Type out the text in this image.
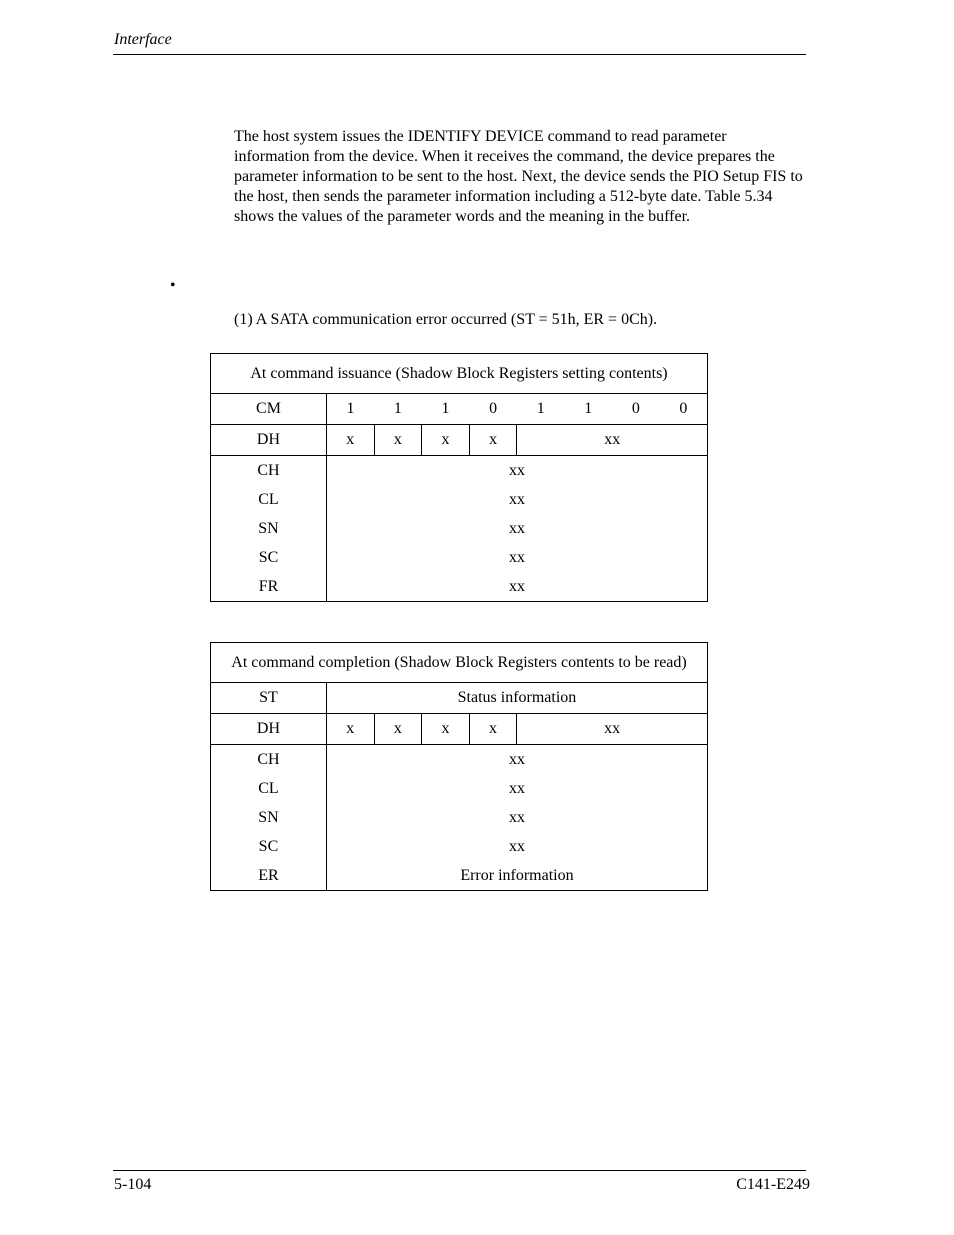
Interface

The host system issues the IDENTIFY DEVICE command to read parameter information from the device. When it receives the command, the device prepares the parameter information to be sent to the host. Next, the device sends the PIO Setup FIS to the host, then sends the parameter information including a 512-byte date. Table 5.34 shows the values of the parameter words and the meaning in the buffer.

•
(1) A SATA communication error occurred (ST = 51h, ER = 0Ch).
At command issuance (Shadow Block Registers setting contents)								
CM	1	1	1	0	1	1	0	0
DH	x	x	x	x	xx			
CH	xx							
CL	xx							
SN	xx							
SC	xx							
FR	xx							
At command completion (Shadow Block Registers contents to be read)					
ST	Status information				
DH	x	x	x	x	xx
CH	xx				
CL	xx				
SN	xx				
SC	xx				
ER	Error information				
5-104	C141-E249
